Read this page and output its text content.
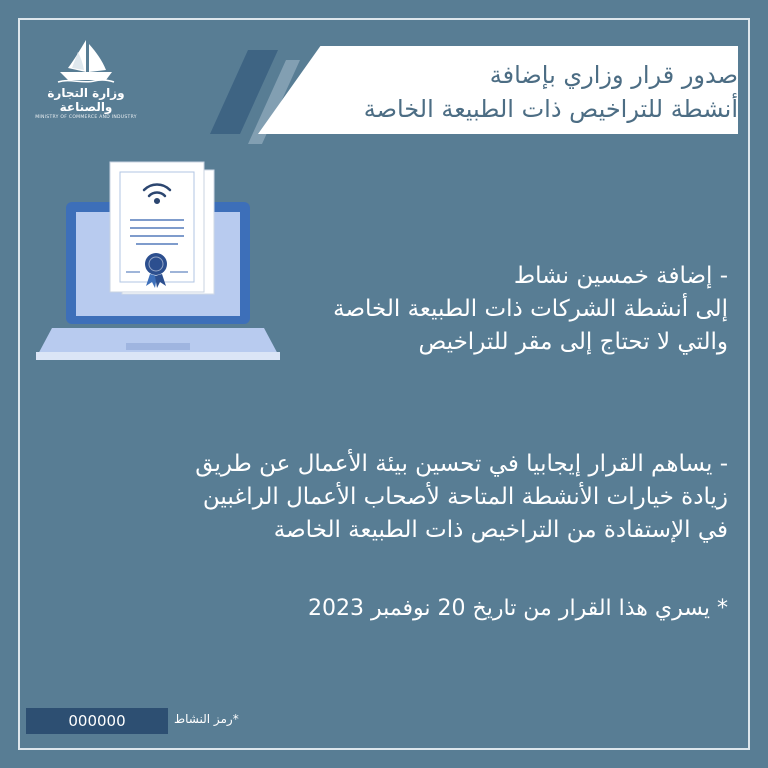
وزارة التجارة والصناعة
MINISTRY OF COMMERCE AND INDUSTRY
صدور قرار وزاري بإضافة
أنشطة للتراخيص ذات الطبيعة الخاصة
- إضافة خمسين نشاط
إلى أنشطة الشركات ذات الطبيعة الخاصة
والتي لا تحتاج إلى مقر للتراخيص
- يساهم القرار إيجابيا في تحسين بيئة الأعمال عن طريق
زيادة خيارات الأنشطة المتاحة لأصحاب الأعمال الراغبين
في الإستفادة من التراخيص ذات الطبيعة الخاصة
* يسري هذا القرار من تاريخ 20 نوفمبر 2023
000000	*رمز النشاط
